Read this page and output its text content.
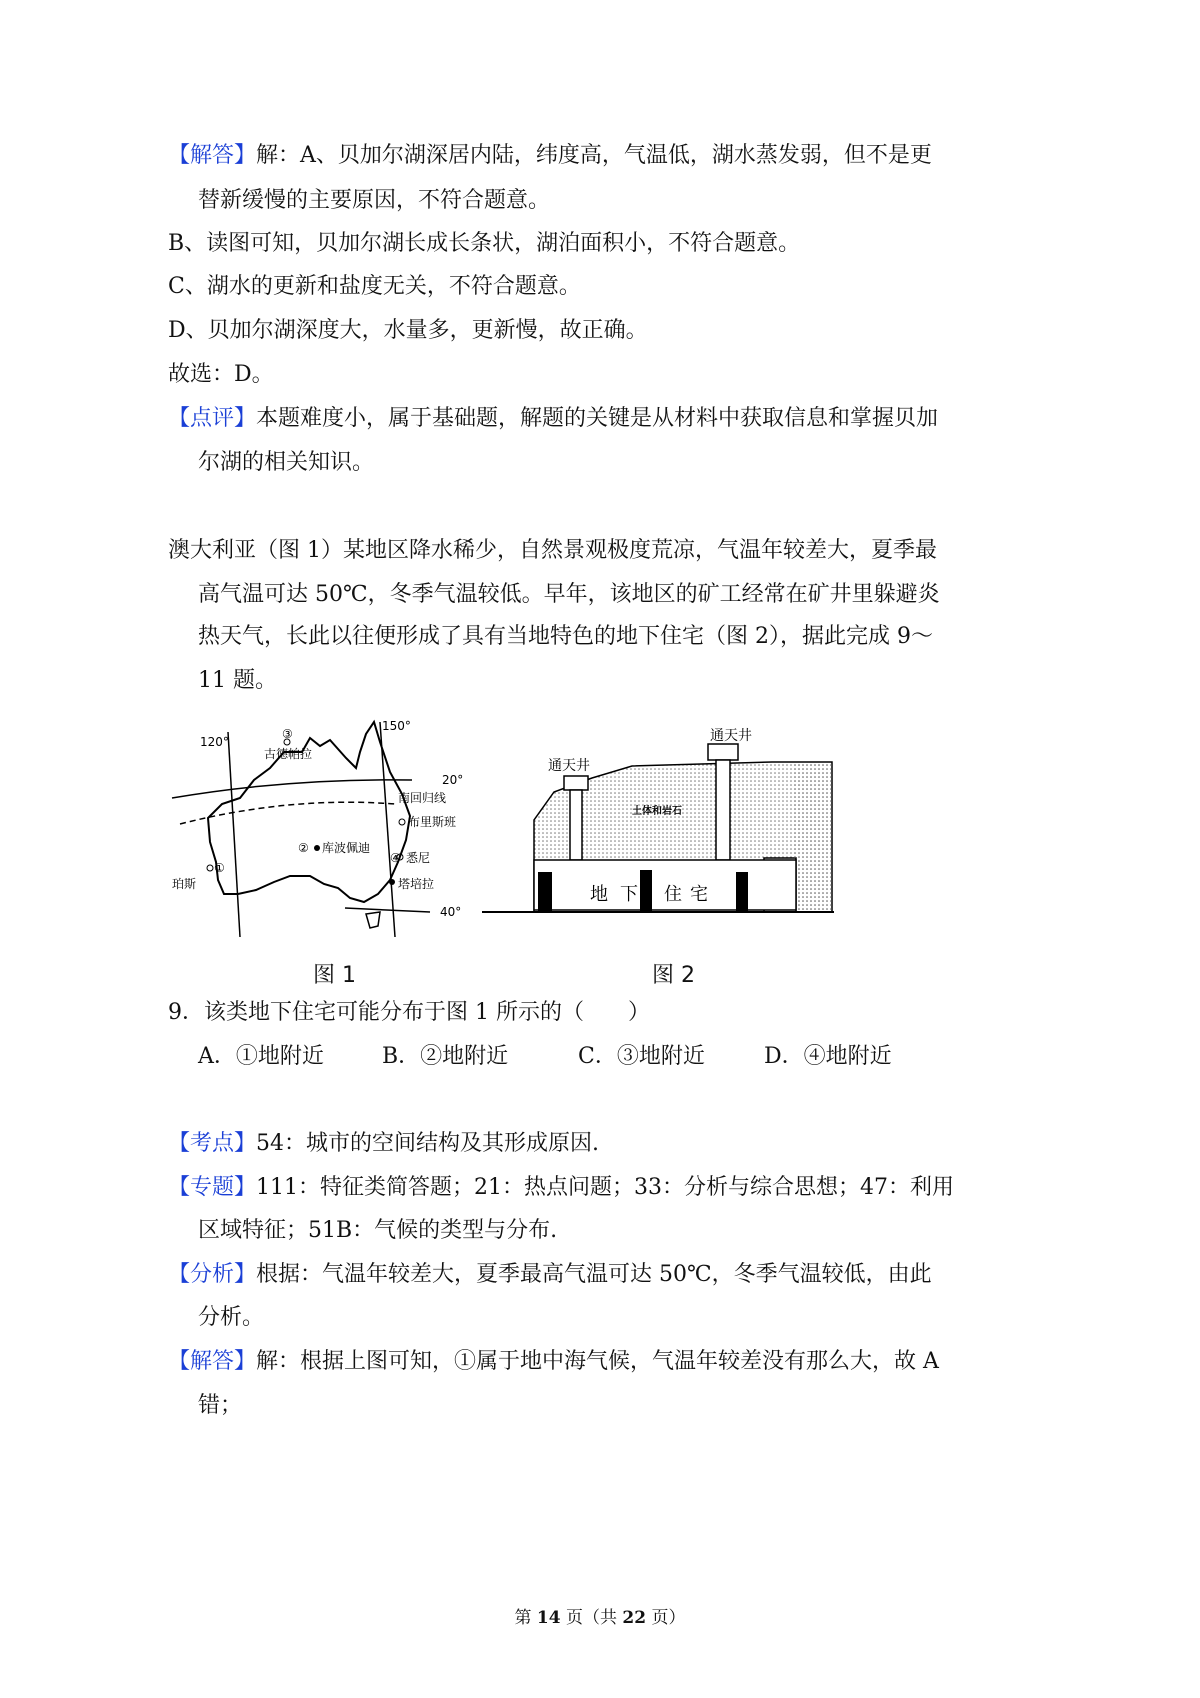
【解答】解：A、贝加尔湖深居内陆，纬度高，气温低，湖水蒸发弱，但不是更
替新缓慢的主要原因，不符合题意。
B、读图可知，贝加尔湖长成长条状，湖泊面积小，不符合题意。
C、湖水的更新和盐度无关，不符合题意。
D、贝加尔湖深度大，水量多，更新慢，故正确。
故选：D。
【点评】本题难度小，属于基础题，解题的关键是从材料中获取信息和掌握贝加
尔湖的相关知识。
澳大利亚（图 1）某地区降水稀少，自然景观极度荒凉，气温年较差大，夏季最
高气温可达 50℃，冬季气温较低。早年，该地区的矿工经常在矿井里躲避炎
热天气，长此以往便形成了具有当地特色的地下住宅（图 2），据此完成 9～
11 题。
120°
150°
20°
40°
南回归线
③
古德帕拉
② 库波佩迪
①
珀斯
布里斯班
④ 悉尼
塔培拉
图 1
通天井
通天井
土体和岩石
地 下 住 宅
图 2
9．该类地下住宅可能分布于图 1 所示的（　　）
A．①地附近	B．②地附近	C．③地附近	D．④地附近
【考点】54：城市的空间结构及其形成原因.
【专题】111：特征类简答题；21：热点问题；33：分析与综合思想；47：利用
区域特征；51B：气候的类型与分布.
【分析】根据：气温年较差大，夏季最高气温可达 50℃，冬季气温较低，由此
分析。
【解答】解：根据上图可知，①属于地中海气候，气温年较差没有那么大，故 A
错；
第 14 页（共 22 页）
